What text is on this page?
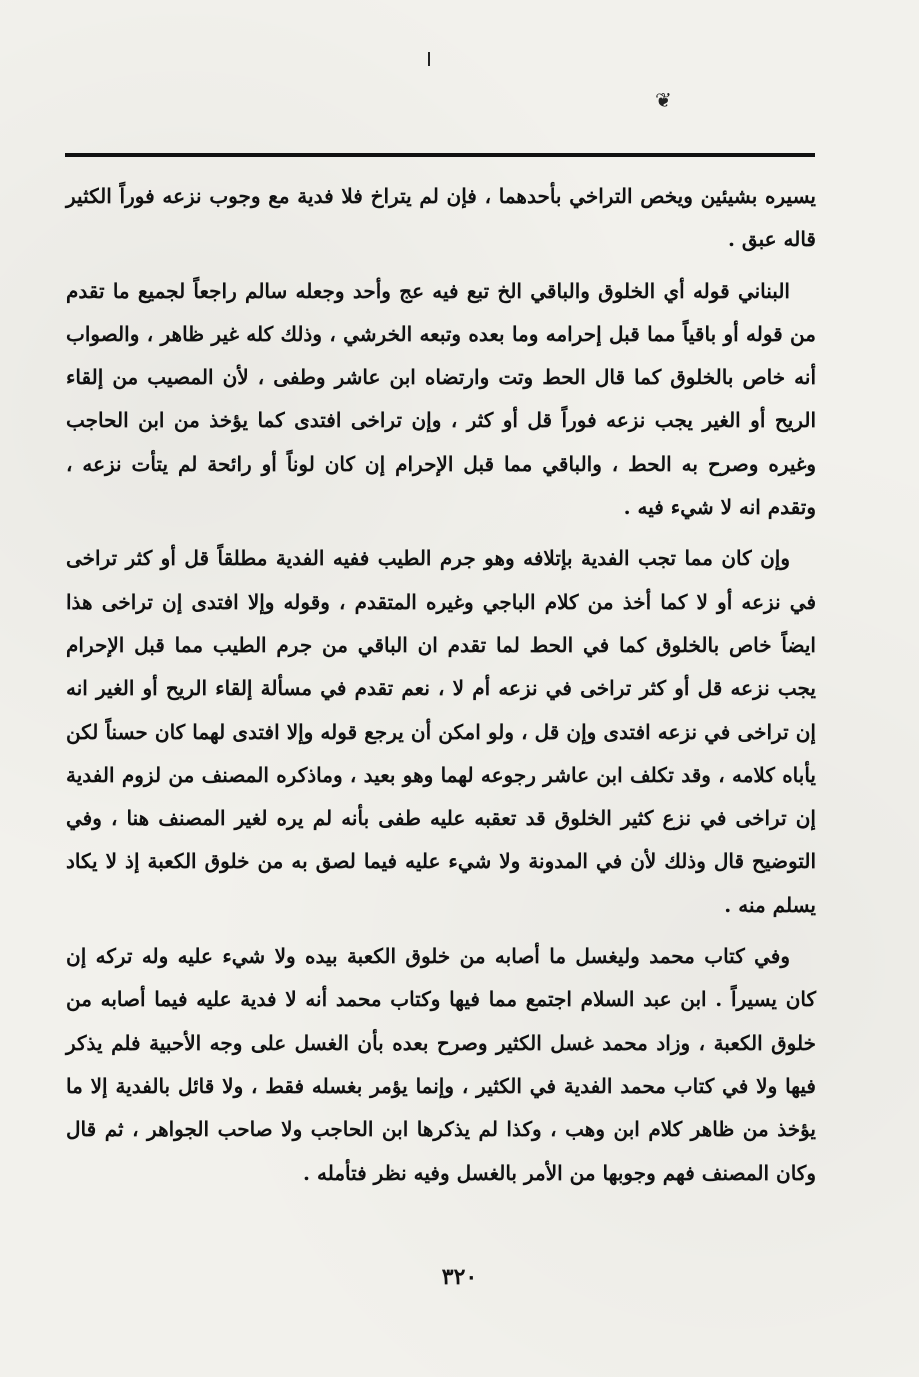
❦

يسيره بشيئين ويخص التراخي بأحدهما ، فإن لم يتراخ فلا فدية مع وجوب نزعه فوراً الكثير قاله عبق .

البناني قوله أي الخلوق والباقي الخ تبع فيه عج وأحد وجعله سالم راجعاً لجميع ما تقدم من قوله أو باقياً مما قبل إحرامه وما بعده وتبعه الخرشي ، وذلك كله غير ظاهر ، والصواب أنه خاص بالخلوق كما قال الحط وتت وارتضاه ابن عاشر وطفى ، لأن المصيب من إلقاء الريح أو الغير يجب نزعه فوراً قل أو كثر ، وإن تراخى افتدى كما يؤخذ من ابن الحاجب وغيره وصرح به الحط ، والباقي مما قبل الإحرام إن كان لوناً أو رائحة لم يتأت نزعه ، وتقدم انه لا شيء فيه .

وإن كان مما تجب الفدية بإتلافه وهو جرم الطيب ففيه الفدية مطلقاً قل أو كثر تراخى في نزعه أو لا كما أخذ من كلام الباجي وغيره المتقدم ، وقوله وإلا افتدى إن تراخى هذا ايضاً خاص بالخلوق كما في الحط لما تقدم ان الباقي من جرم الطيب مما قبل الإحرام يجب نزعه قل أو كثر تراخى في نزعه أم لا ، نعم تقدم في مسألة إلقاء الريح أو الغير انه إن تراخى في نزعه افتدى وإن قل ، ولو امكن أن يرجع قوله وإلا افتدى لهما كان حسناً لكن يأباه كلامه ، وقد تكلف ابن عاشر رجوعه لهما وهو بعيد ، وماذكره المصنف من لزوم الفدية إن تراخى في نزع كثير الخلوق قد تعقبه عليه طفى بأنه لم يره لغير المصنف هنا ، وفي التوضيح قال وذلك لأن في المدونة ولا شيء عليه فيما لصق به من خلوق الكعبة إذ لا يكاد يسلم منه .

وفي كتاب محمد وليغسل ما أصابه من خلوق الكعبة بيده ولا شيء عليه وله تركه إن كان يسيراً . ابن عبد السلام اجتمع مما فيها وكتاب محمد أنه لا فدية عليه فيما أصابه من خلوق الكعبة ، وزاد محمد غسل الكثير وصرح بعده بأن الغسل على وجه الأحبية فلم يذكر فيها ولا في كتاب محمد الفدية في الكثير ، وإنما يؤمر بغسله فقط ، ولا قائل بالفدية إلا ما يؤخذ من ظاهر كلام ابن وهب ، وكذا لم يذكرها ابن الحاجب ولا صاحب الجواهر ، ثم قال وكان المصنف فهم وجوبها من الأمر بالغسل وفيه نظر فتأمله .

٣٢٠
